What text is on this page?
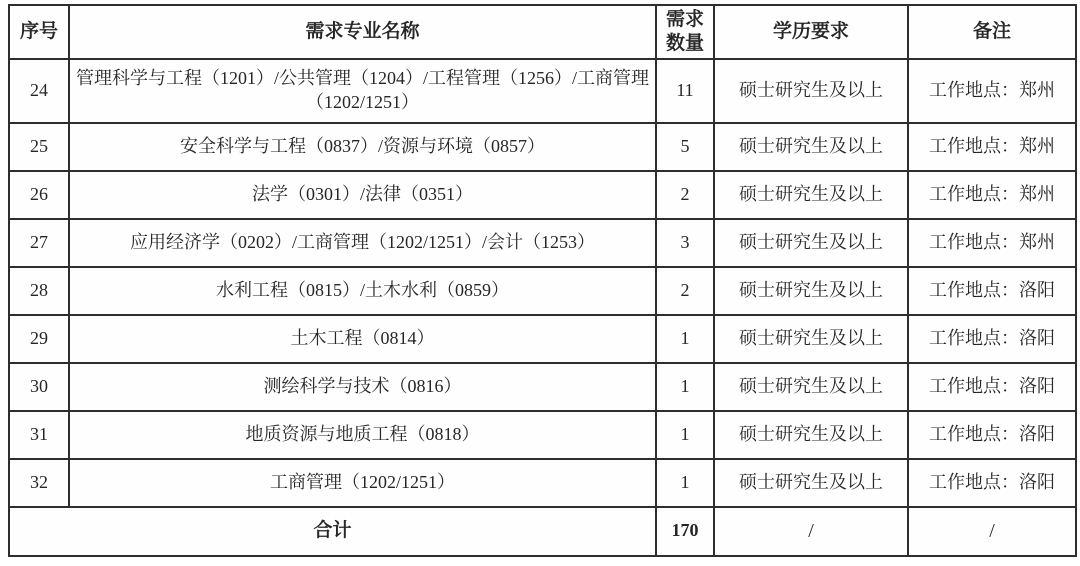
序号	需求专业名称	需求数量	学历要求	备注
24	管理科学与工程（1201）/公共管理（1204）/工程管理（1256）/工商管理（1202/1251）	11	硕士研究生及以上	工作地点：郑州
25	安全科学与工程（0837）/资源与环境（0857）	5	硕士研究生及以上	工作地点：郑州
26	法学（0301）/法律（0351）	2	硕士研究生及以上	工作地点：郑州
27	应用经济学（0202）/工商管理（1202/1251）/会计（1253）	3	硕士研究生及以上	工作地点：郑州
28	水利工程（0815）/土木水利（0859）	2	硕士研究生及以上	工作地点：洛阳
29	土木工程（0814）	1	硕士研究生及以上	工作地点：洛阳
30	测绘科学与技术（0816）	1	硕士研究生及以上	工作地点：洛阳
31	地质资源与地质工程（0818）	1	硕士研究生及以上	工作地点：洛阳
32	工商管理（1202/1251）	1	硕士研究生及以上	工作地点：洛阳
合计		170	/	/
